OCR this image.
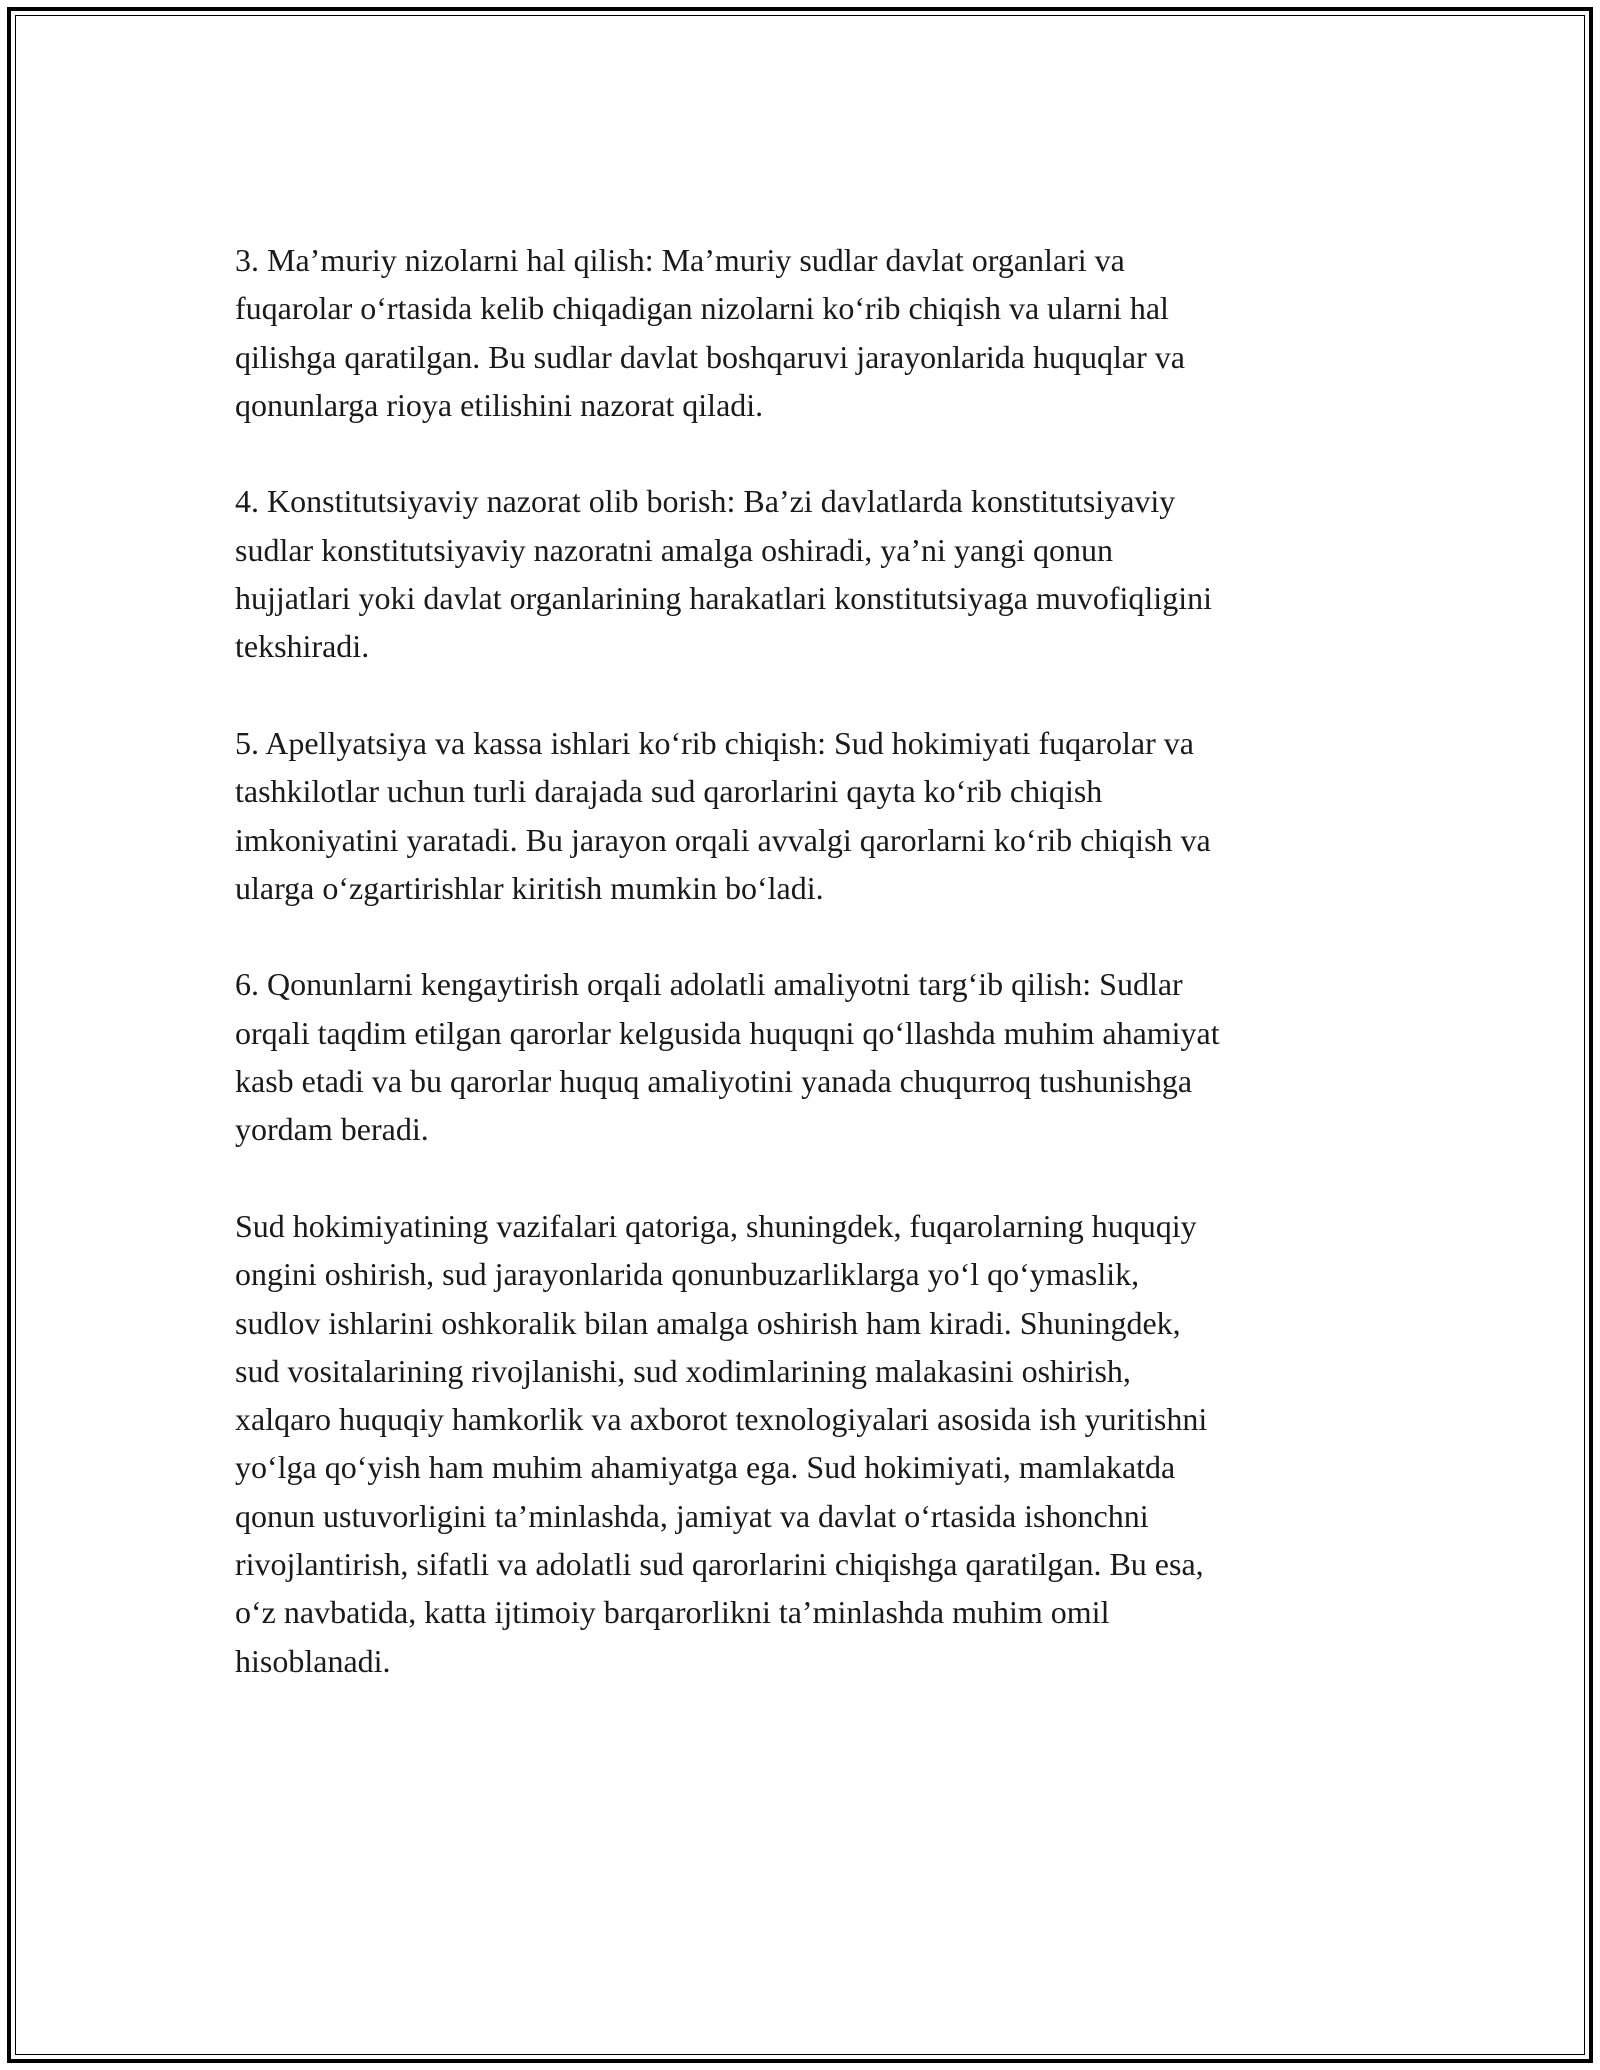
3. Ma’muriy nizolarni hal qilish: Ma’muriy sudlar davlat organlari va
fuqarolar o‘rtasida kelib chiqadigan nizolarni ko‘rib chiqish va ularni hal
qilishga qaratilgan. Bu sudlar davlat boshqaruvi jarayonlarida huquqlar va
qonunlarga rioya etilishini nazorat qiladi.

4. Konstitutsiyaviy nazorat olib borish: Ba’zi davlatlarda konstitutsiyaviy
sudlar konstitutsiyaviy nazoratni amalga oshiradi, ya’ni yangi qonun
hujjatlari yoki davlat organlarining harakatlari konstitutsiyaga muvofiqligini
tekshiradi.

5. Apellyatsiya va kassa ishlari ko‘rib chiqish: Sud hokimiyati fuqarolar va
tashkilotlar uchun turli darajada sud qarorlarini qayta ko‘rib chiqish
imkoniyatini yaratadi. Bu jarayon orqali avvalgi qarorlarni ko‘rib chiqish va
ularga o‘zgartirishlar kiritish mumkin bo‘ladi.

6. Qonunlarni kengaytirish orqali adolatli amaliyotni targ‘ib qilish: Sudlar
orqali taqdim etilgan qarorlar kelgusida huquqni qo‘llashda muhim ahamiyat
kasb etadi va bu qarorlar huquq amaliyotini yanada chuqurroq tushunishga
yordam beradi.

Sud hokimiyatining vazifalari qatoriga, shuningdek, fuqarolarning huquqiy
ongini oshirish, sud jarayonlarida qonunbuzarliklarga yo‘l qo‘ymaslik,
sudlov ishlarini oshkoralik bilan amalga oshirish ham kiradi. Shuningdek,
sud vositalarining rivojlanishi, sud xodimlarining malakasini oshirish,
xalqaro huquqiy hamkorlik va axborot texnologiyalari asosida ish yuritishni
yo‘lga qo‘yish ham muhim ahamiyatga ega. Sud hokimiyati, mamlakatda
qonun ustuvorligini ta’minlashda, jamiyat va davlat o‘rtasida ishonchni
rivojlantirish, sifatli va adolatli sud qarorlarini chiqishga qaratilgan. Bu esa,
o‘z navbatida, katta ijtimoiy barqarorlikni ta’minlashda muhim omil
hisoblanadi.
